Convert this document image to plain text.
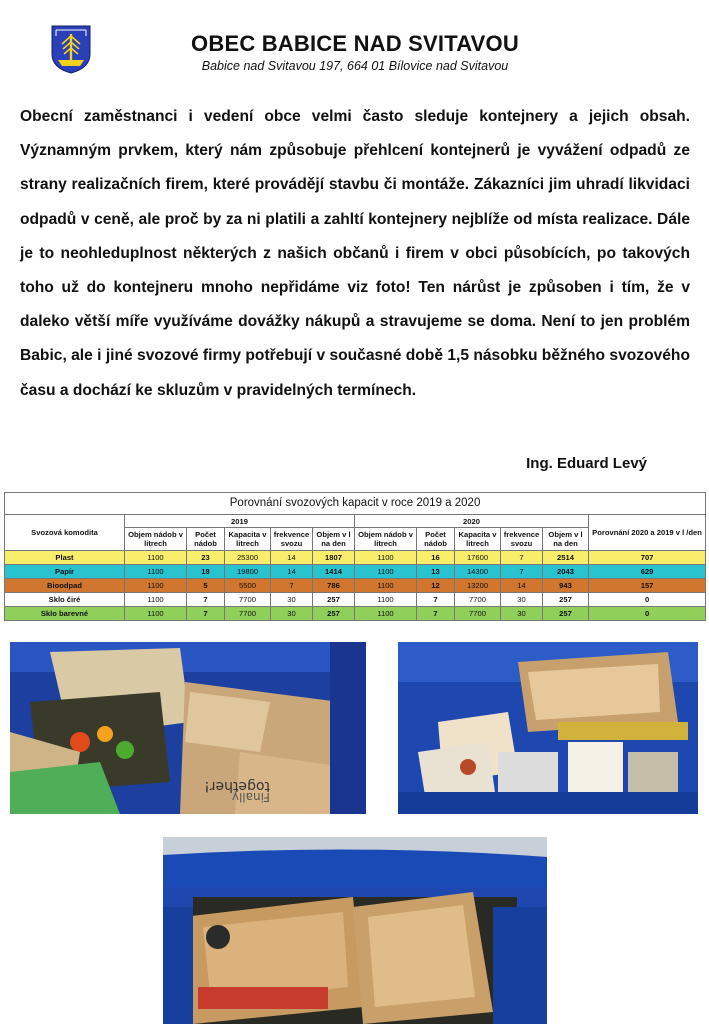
OBEC BABICE NAD SVITAVOU
Babice nad Svitavou 197, 664 01 Bílovice nad Svitavou

Obecní zaměstnanci i vedení obce velmi často sleduje kontejnery a jejich obsah. Významným prvkem, který nám způsobuje přehlcení kontejnerů je vyvážení odpadů ze strany realizačních firem, které provádějí stavbu či montáže. Zákazníci jim uhradí likvidaci odpadů v ceně, ale proč by za ni platili a zahltí kontejnery nejblíže od místa realizace. Dále je to neohleduplnost některých z našich občanů i firem v obci působících, po takových toho už do kontejneru mnoho nepřidáme viz foto! Ten nárůst je způsoben i tím, že v daleko větší míře využíváme dovážky nákupů a stravujeme se doma. Není to jen problém Babic, ale i jiné svozové firmy potřebují v současné době 1,5 násobku běžného svozového času a dochází ke skluzům v pravidelných termínech.

Ing. Eduard Levý
Porovnání svozových kapacit v roce 2019 a 2020											
Svozová komodita	2019					2020					Porovnání 2020 a 2019 v l /den
	Objem nádob v litrech	Počet nádob	Kapacita v litrech	frekvence svozu	Objem v l na den	Objem nádob v litrech	Počet nádob	Kapacita v litrech	frekvence svozu	Objem v l na den	
Plast	1100	23	25300	14	1807	1100	16	17600	7	2514	707
Papír	1100	18	19800	14	1414	1100	13	14300	7	2043	629
Bioodpad	1100	5	5500	7	786	1100	12	13200	14	943	157
Sklo čiré	1100	7	7700	30	257	1100	7	7700	30	257	0
Sklo barevné	1100	7	7700	30	257	1100	7	7700	30	257	0
together!
Finally
